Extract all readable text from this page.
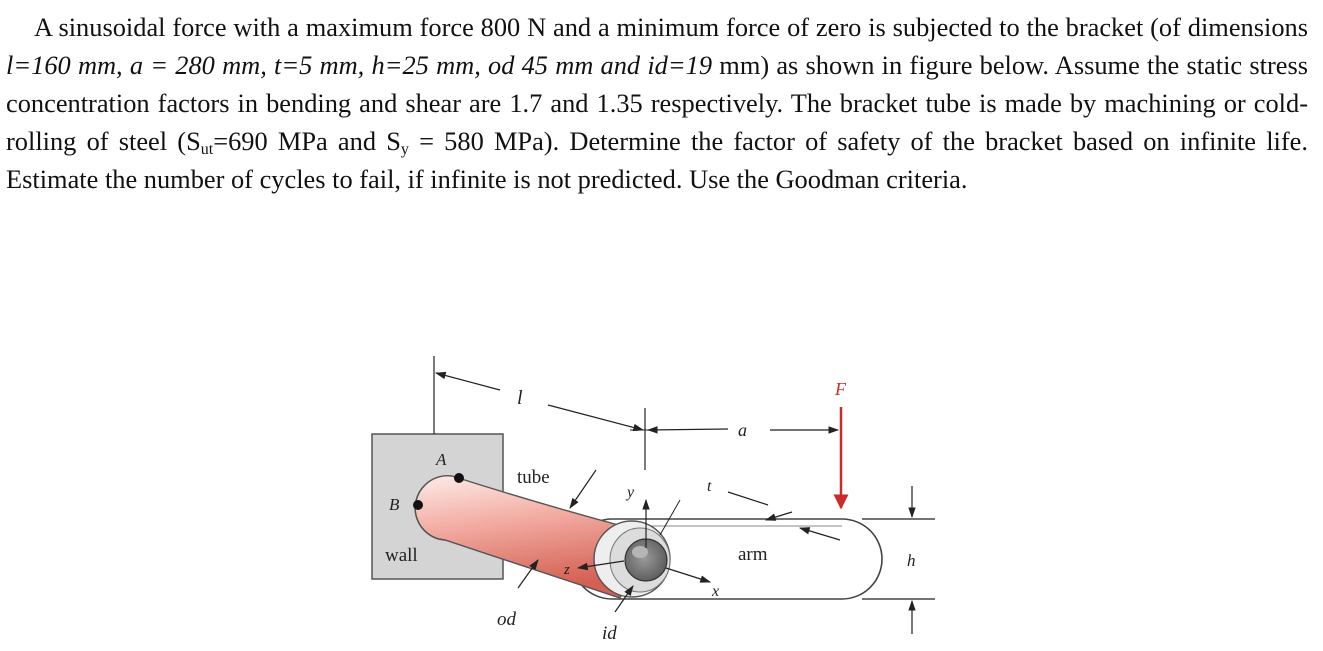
A sinusoidal force with a maximum force 800 N and a minimum force of zero is subjected to the bracket (of dimensions l=160 mm, a = 280 mm, t=5 mm, h=25 mm, od 45 mm and id=19 mm) as shown in figure below. Assume the static stress concentration factors in bending and shear are 1.7 and 1.35 respectively. The bracket tube is made by machining or cold-rolling of steel ($S_{ut}=690$ MPa and $S_y = 580$ MPa). Determine the factor of safety of the bracket based on infinite life. Estimate the number of cycles to fail, if infinite is not predicted. Use the Goodman criteria.

l
a
F
A
B
tube
y	t
wall	arm	h
z
x
od
id
